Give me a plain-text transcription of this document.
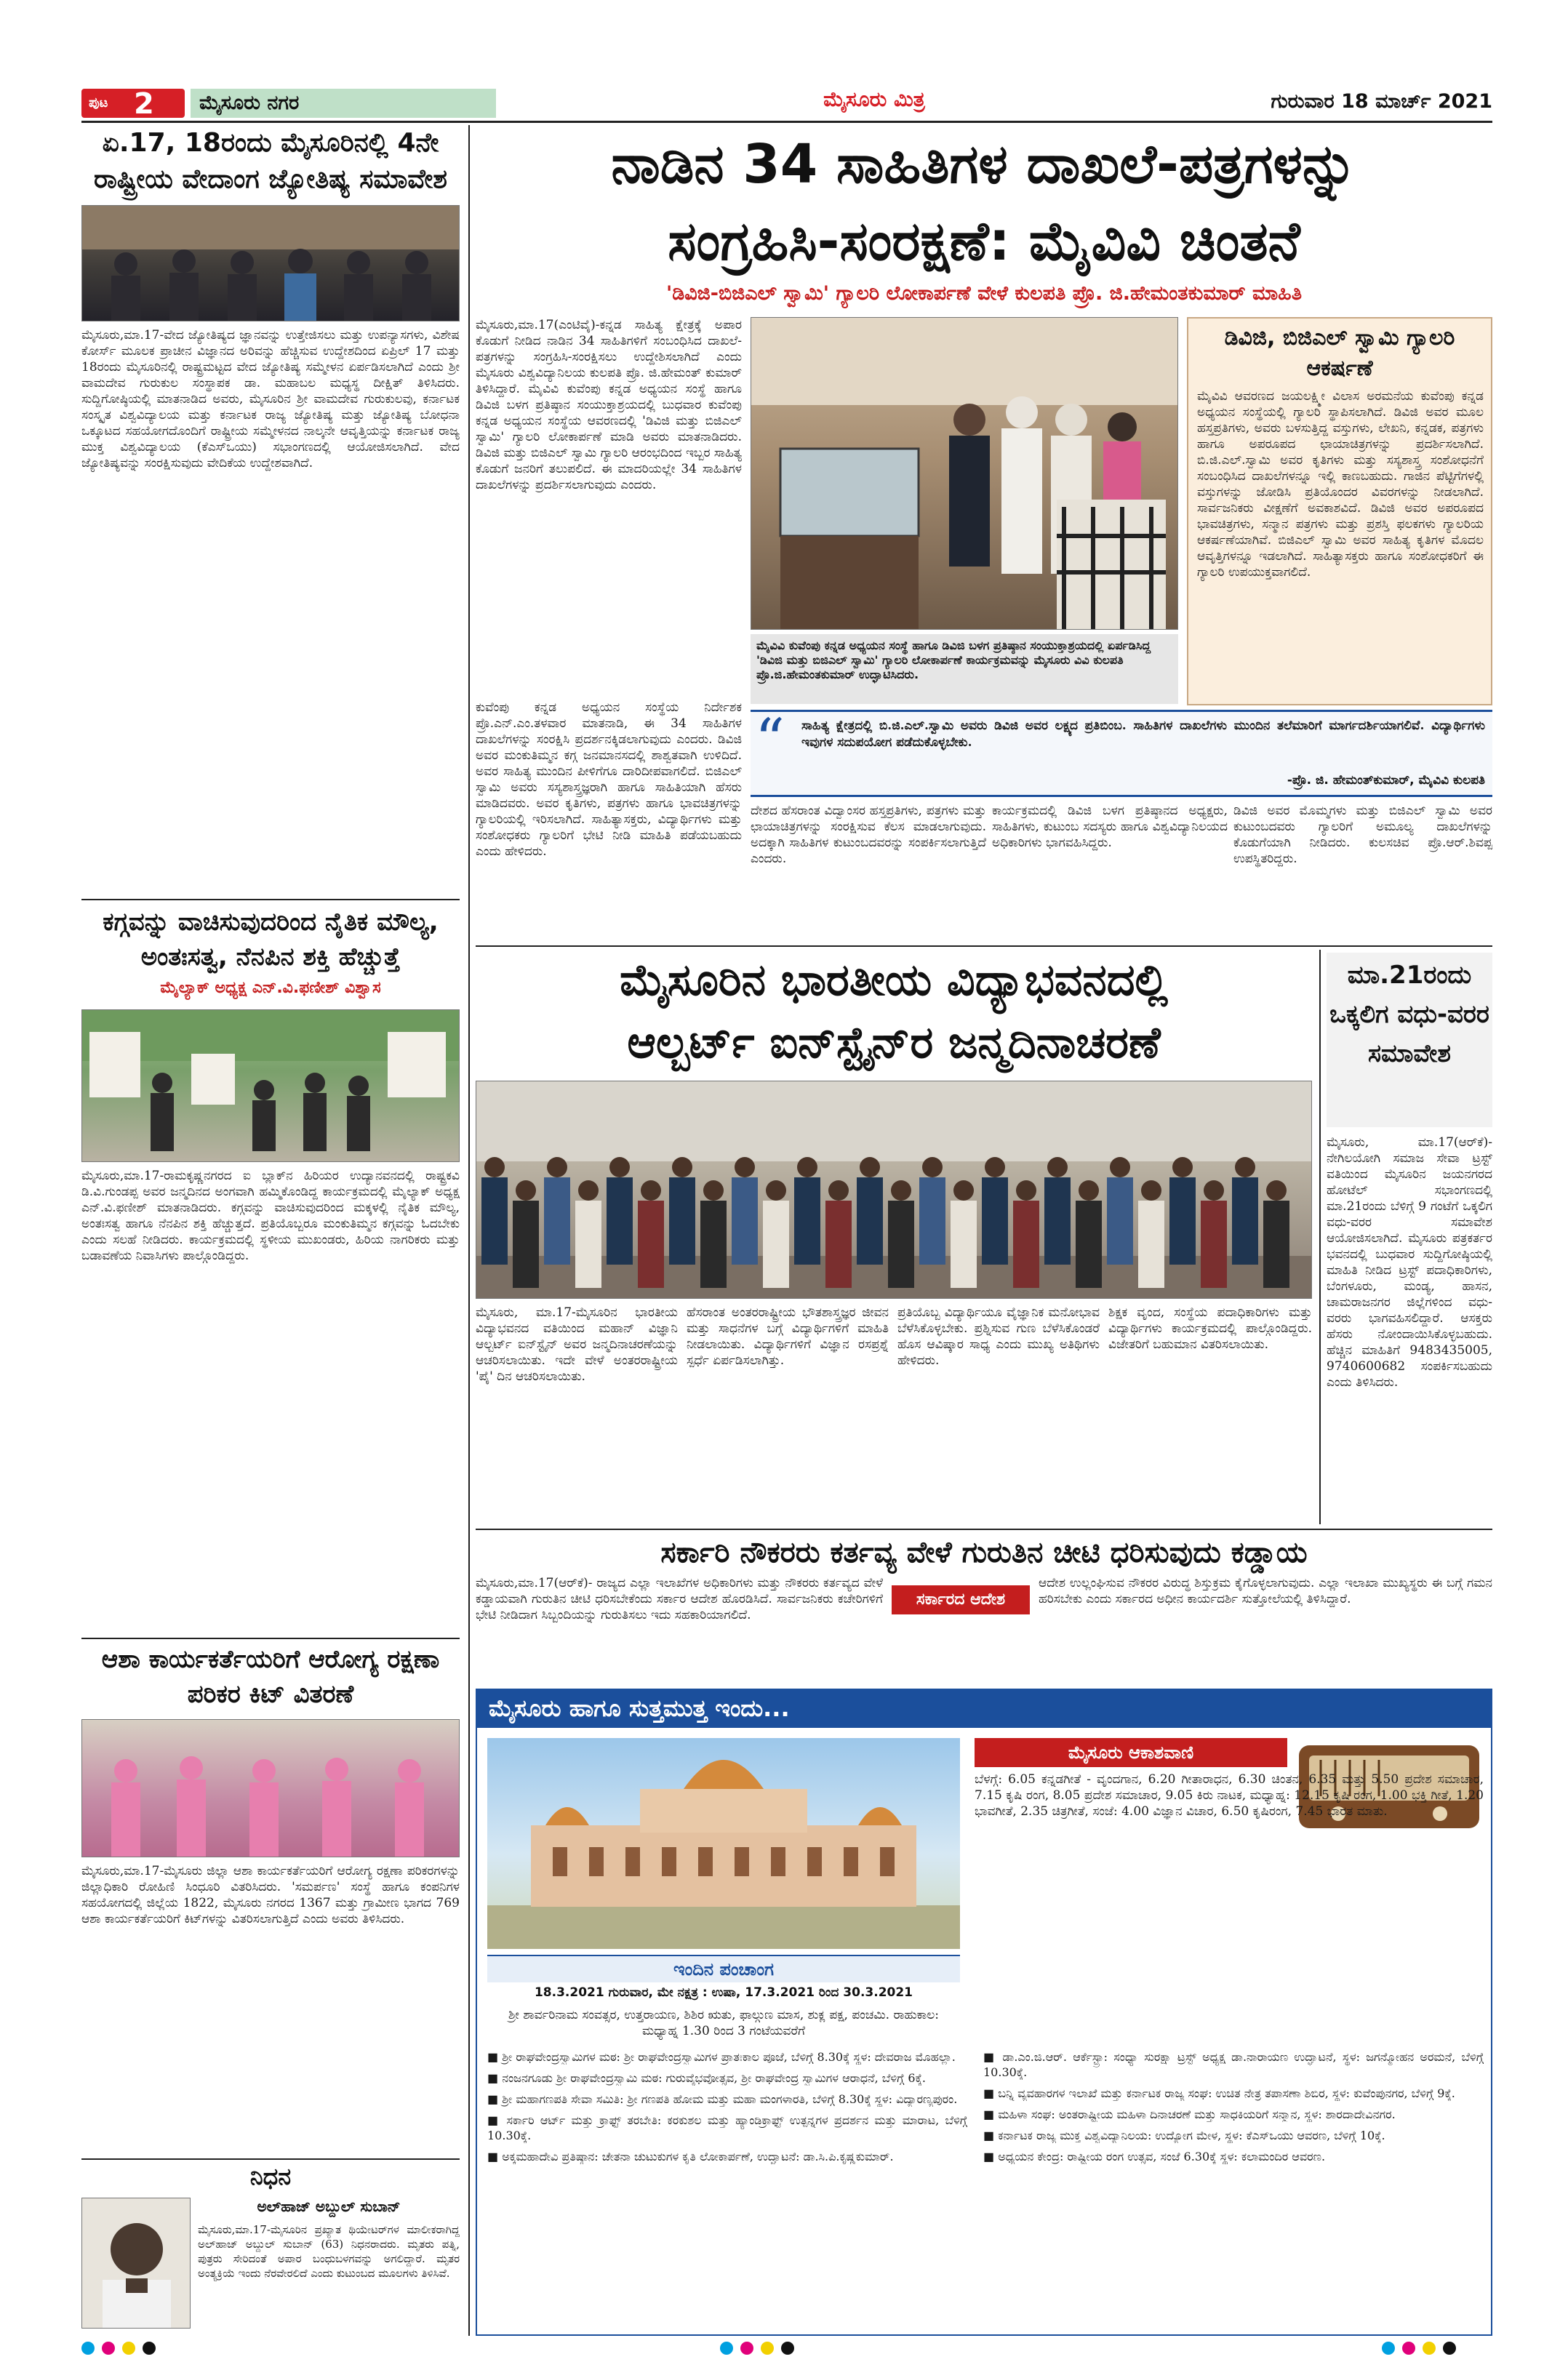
ಪುಟ 2	ಮೈಸೂರು ನಗರ	ಮೈಸೂರು ಮಿತ್ರ	ಗುರುವಾರ 18 ಮಾರ್ಚ್ 2021
ಏ.17, 18ರಂದು ಮೈಸೂರಿನಲ್ಲಿ 4ನೇ ರಾಷ್ಟ್ರೀಯ ವೇದಾಂಗ ಜ್ಯೋತಿಷ್ಯ ಸಮಾವೇಶ

ಮೈಸೂರು,ಮಾ.17-ವೇದ ಜ್ಯೋತಿಷ್ಯದ ಜ್ಞಾನವನ್ನು ಉತ್ತೇಜಿಸಲು ಮತ್ತು ಉಪನ್ಯಾಸಗಳು, ವಿಶೇಷ ಕೋರ್ಸ್ ಮೂಲಕ ಪ್ರಾಚೀನ ವಿಜ್ಞಾನದ ಅರಿವನ್ನು ಹೆಚ್ಚಿಸುವ ಉದ್ದೇಶದಿಂದ ಏಪ್ರಿಲ್ 17 ಮತ್ತು 18ರಂದು ಮೈಸೂರಿನಲ್ಲಿ ರಾಷ್ಟ್ರಮಟ್ಟದ ವೇದ ಜ್ಯೋತಿಷ್ಯ ಸಮ್ಮೇಳನ ಏರ್ಪಡಿಸಲಾಗಿದೆ ಎಂದು ಶ್ರೀ ವಾಮದೇವ ಗುರುಕುಲ ಸಂಸ್ಥಾಪಕ ಡಾ. ಮಹಾಬಲ ಮಧ್ಯಸ್ಥ ದೀಕ್ಷಿತ್ ತಿಳಿಸಿದರು. ಸುದ್ದಿಗೋಷ್ಠಿಯಲ್ಲಿ ಮಾತನಾಡಿದ ಅವರು, ಮೈಸೂರಿನ ಶ್ರೀ ವಾಮದೇವ ಗುರುಕುಲವು, ಕರ್ನಾಟಕ ಸಂಸ್ಕೃತ ವಿಶ್ವವಿದ್ಯಾಲಯ ಮತ್ತು ಕರ್ನಾಟಕ ರಾಜ್ಯ ಜ್ಯೋತಿಷ್ಯ ಮತ್ತು ಜ್ಯೋತಿಷ್ಯ ಬೋಧನಾ ಒಕ್ಕೂಟದ ಸಹಯೋಗದೊಂದಿಗೆ ರಾಷ್ಟ್ರೀಯ ಸಮ್ಮೇಳನದ ನಾಲ್ಕನೇ ಆವೃತ್ತಿಯನ್ನು ಕರ್ನಾಟಕ ರಾಜ್ಯ ಮುಕ್ತ ವಿಶ್ವವಿದ್ಯಾಲಯ (ಕೆಎಸ್‌ಒಯು) ಸಭಾಂಗಣದಲ್ಲಿ ಆಯೋಜಿಸಲಾಗಿದೆ. ವೇದ ಜ್ಯೋತಿಷ್ಯವನ್ನು ಸಂರಕ್ಷಿಸುವುದು ವೇದಿಕೆಯ ಉದ್ದೇಶವಾಗಿದೆ.

ಕಗ್ಗವನ್ನು ವಾಚಿಸುವುದರಿಂದ ನೈತಿಕ ಮೌಲ್ಯ, ಅಂತಃಸತ್ವ, ನೆನಪಿನ ಶಕ್ತಿ ಹೆಚ್ಚುತ್ತೆ
ಮೈಲ್ಯಾಕ್ ಅಧ್ಯಕ್ಷ ಎನ್.ವಿ.ಫಣೀಶ್ ವಿಶ್ವಾಸ

ಮೈಸೂರು,ಮಾ.17-ರಾಮಕೃಷ್ಣನಗರದ ಐ ಬ್ಲಾಕ್‌ನ ಹಿರಿಯರ ಉದ್ಯಾನವನದಲ್ಲಿ ರಾಷ್ಟ್ರಕವಿ ಡಿ.ವಿ.ಗುಂಡಪ್ಪ ಅವರ ಜನ್ಮದಿನದ ಅಂಗವಾಗಿ ಹಮ್ಮಿಕೊಂಡಿದ್ದ ಕಾರ್ಯಕ್ರಮದಲ್ಲಿ ಮೈಲ್ಯಾಕ್ ಅಧ್ಯಕ್ಷ ಎನ್.ವಿ.ಫಣೀಶ್ ಮಾತನಾಡಿದರು. ಕಗ್ಗವನ್ನು ವಾಚಿಸುವುದರಿಂದ ಮಕ್ಕಳಲ್ಲಿ ನೈತಿಕ ಮೌಲ್ಯ, ಅಂತಃಸತ್ವ ಹಾಗೂ ನೆನಪಿನ ಶಕ್ತಿ ಹೆಚ್ಚುತ್ತದೆ. ಪ್ರತಿಯೊಬ್ಬರೂ ಮಂಕುತಿಮ್ಮನ ಕಗ್ಗವನ್ನು ಓದಬೇಕು ಎಂದು ಸಲಹೆ ನೀಡಿದರು. ಕಾರ್ಯಕ್ರಮದಲ್ಲಿ ಸ್ಥಳೀಯ ಮುಖಂಡರು, ಹಿರಿಯ ನಾಗರಿಕರು ಮತ್ತು ಬಡಾವಣೆಯ ನಿವಾಸಿಗಳು ಪಾಲ್ಗೊಂಡಿದ್ದರು.

ಆಶಾ ಕಾರ್ಯಕರ್ತೆಯರಿಗೆ ಆರೋಗ್ಯ ರಕ್ಷಣಾ ಪರಿಕರ ಕಿಟ್ ವಿತರಣೆ

ಮೈಸೂರು,ಮಾ.17-ಮೈಸೂರು ಜಿಲ್ಲಾ ಆಶಾ ಕಾರ್ಯಕರ್ತೆಯರಿಗೆ ಆರೋಗ್ಯ ರಕ್ಷಣಾ ಪರಿಕರಗಳನ್ನು ಜಿಲ್ಲಾಧಿಕಾರಿ ರೋಹಿಣಿ ಸಿಂಧೂರಿ ವಿತರಿಸಿದರು. 'ಸಮರ್ಪಣ' ಸಂಸ್ಥೆ ಹಾಗೂ ಕಂಪನಿಗಳ ಸಹಯೋಗದಲ್ಲಿ ಜಿಲ್ಲೆಯ 1822, ಮೈಸೂರು ನಗರದ 1367 ಮತ್ತು ಗ್ರಾಮೀಣ ಭಾಗದ 769 ಆಶಾ ಕಾರ್ಯಕರ್ತೆಯರಿಗೆ ಕಿಟ್‌ಗಳನ್ನು ವಿತರಿಸಲಾಗುತ್ತಿದೆ ಎಂದು ಅವರು ತಿಳಿಸಿದರು.

ನಿಧನ
ಅಲ್‌ಹಾಜ್ ಅಬ್ದುಲ್ ಸುಬಾನ್

ಮೈಸೂರು,ಮಾ.17-ಮೈಸೂರಿನ ಪ್ರಖ್ಯಾತ ಥಿಯೇಟರ್‌ಗಳ ಮಾಲೀಕರಾಗಿದ್ದ ಅಲ್‌ಹಾಜ್ ಅಬ್ದುಲ್ ಸುಬಾನ್ (63) ನಿಧನರಾದರು. ಮೃತರು ಪತ್ನಿ, ಪುತ್ರರು ಸೇರಿದಂತೆ ಅಪಾರ ಬಂಧುಬಳಗವನ್ನು ಅಗಲಿದ್ದಾರೆ. ಮೃತರ ಅಂತ್ಯಕ್ರಿಯೆ ಇಂದು ನೆರವೇರಲಿದೆ ಎಂದು ಕುಟುಂಬದ ಮೂಲಗಳು ತಿಳಿಸಿವೆ.

ನಾಡಿನ 34 ಸಾಹಿತಿಗಳ ದಾಖಲೆ-ಪತ್ರಗಳನ್ನು
ಸಂಗ್ರಹಿಸಿ-ಸಂರಕ್ಷಣೆ: ಮೈವಿವಿ ಚಿಂತನೆ
'ಡಿವಿಜಿ-ಬಿಜಿಎಲ್ ಸ್ವಾಮಿ' ಗ್ಯಾಲರಿ ಲೋಕಾರ್ಪಣೆ ವೇಳೆ ಕುಲಪತಿ ಪ್ರೊ. ಜಿ.ಹೇಮಂತಕುಮಾರ್ ಮಾಹಿತಿ

ಮೈಸೂರು,ಮಾ.17(ಎಂಟಿವೈ)-ಕನ್ನಡ ಸಾಹಿತ್ಯ ಕ್ಷೇತ್ರಕ್ಕೆ ಅಪಾರ ಕೊಡುಗೆ ನೀಡಿದ ನಾಡಿನ 34 ಸಾಹಿತಿಗಳಿಗೆ ಸಂಬಂಧಿಸಿದ ದಾಖಲೆ-ಪತ್ರಗಳನ್ನು ಸಂಗ್ರಹಿಸಿ-ಸಂರಕ್ಷಿಸಲು ಉದ್ದೇಶಿಸಲಾಗಿದೆ ಎಂದು ಮೈಸೂರು ವಿಶ್ವವಿದ್ಯಾನಿಲಯ ಕುಲಪತಿ ಪ್ರೊ. ಜಿ.ಹೇಮಂತ್ ಕುಮಾರ್ ತಿಳಿಸಿದ್ದಾರೆ. ಮೈವಿವಿ ಕುವೆಂಪು ಕನ್ನಡ ಅಧ್ಯಯನ ಸಂಸ್ಥೆ ಹಾಗೂ ಡಿವಿಜಿ ಬಳಗ ಪ್ರತಿಷ್ಠಾನ ಸಂಯುಕ್ತಾಶ್ರಯದಲ್ಲಿ ಬುಧವಾರ ಕುವೆಂಪು ಕನ್ನಡ ಅಧ್ಯಯನ ಸಂಸ್ಥೆಯ ಆವರಣದಲ್ಲಿ 'ಡಿವಿಜಿ ಮತ್ತು ಬಿಜಿಎಲ್ ಸ್ವಾಮಿ' ಗ್ಯಾಲರಿ ಲೋಕಾರ್ಪಣೆ ಮಾಡಿ ಅವರು ಮಾತನಾಡಿದರು. ಡಿವಿಜಿ ಮತ್ತು ಬಿಜಿಎಲ್ ಸ್ವಾಮಿ ಗ್ಯಾಲರಿ ಆರಂಭದಿಂದ ಇಬ್ಬರ ಸಾಹಿತ್ಯ ಕೊಡುಗೆ ಜನರಿಗೆ ತಲುಪಲಿದೆ. ಈ ಮಾದರಿಯಲ್ಲೇ 34 ಸಾಹಿತಿಗಳ ದಾಖಲೆಗಳನ್ನು ಪ್ರದರ್ಶಿಸಲಾಗುವುದು ಎಂದರು.

ಕುವೆಂಪು ಕನ್ನಡ ಅಧ್ಯಯನ ಸಂಸ್ಥೆಯ ನಿರ್ದೇಶಕ ಪ್ರೊ.ಎನ್.ಎಂ.ತಳವಾರ ಮಾತನಾಡಿ, ಈ 34 ಸಾಹಿತಿಗಳ ದಾಖಲೆಗಳನ್ನು ಸಂರಕ್ಷಿಸಿ ಪ್ರದರ್ಶನಕ್ಕಿಡಲಾಗುವುದು ಎಂದರು. ಡಿವಿಜಿ ಅವರ ಮಂಕುತಿಮ್ಮನ ಕಗ್ಗ ಜನಮಾನಸದಲ್ಲಿ ಶಾಶ್ವತವಾಗಿ ಉಳಿದಿದೆ. ಅವರ ಸಾಹಿತ್ಯ ಮುಂದಿನ ಪೀಳಿಗೆಗೂ ದಾರಿದೀಪವಾಗಲಿದೆ. ಬಿಜಿಎಲ್ ಸ್ವಾಮಿ ಅವರು ಸಸ್ಯಶಾಸ್ತ್ರಜ್ಞರಾಗಿ ಹಾಗೂ ಸಾಹಿತಿಯಾಗಿ ಹೆಸರು ಮಾಡಿದವರು. ಅವರ ಕೃತಿಗಳು, ಪತ್ರಗಳು ಹಾಗೂ ಭಾವಚಿತ್ರಗಳನ್ನು ಗ್ಯಾಲರಿಯಲ್ಲಿ ಇರಿಸಲಾಗಿದೆ. ಸಾಹಿತ್ಯಾಸಕ್ತರು, ವಿದ್ಯಾರ್ಥಿಗಳು ಮತ್ತು ಸಂಶೋಧಕರು ಗ್ಯಾಲರಿಗೆ ಭೇಟಿ ನೀಡಿ ಮಾಹಿತಿ ಪಡೆಯಬಹುದು ಎಂದು ಹೇಳಿದರು.

ಮೈವಿವಿ ಕುವೆಂಪು ಕನ್ನಡ ಅಧ್ಯಯನ ಸಂಸ್ಥೆ ಹಾಗೂ ಡಿವಿಜಿ ಬಳಗ ಪ್ರತಿಷ್ಠಾನ ಸಂಯುಕ್ತಾಶ್ರಯದಲ್ಲಿ ಏರ್ಪಡಿಸಿದ್ದ 'ಡಿವಿಜಿ ಮತ್ತು ಬಿಜಿಎಲ್ ಸ್ವಾಮಿ' ಗ್ಯಾಲರಿ ಲೋಕಾರ್ಪಣೆ ಕಾರ್ಯಕ್ರಮವನ್ನು ಮೈಸೂರು ವಿವಿ ಕುಲಪತಿ ಪ್ರೊ.ಜಿ.ಹೇಮಂತಕುಮಾರ್ ಉದ್ಘಾಟಿಸಿದರು.

“	ಸಾಹಿತ್ಯ ಕ್ಷೇತ್ರದಲ್ಲಿ ಬಿ.ಜಿ.ಎಲ್.ಸ್ವಾಮಿ ಅವರು ಡಿವಿಜಿ ಅವರ ಲಕ್ಷ್ಯದ ಪ್ರತಿಬಿಂಬ. ಸಾಹಿತಿಗಳ ದಾಖಲೆಗಳು ಮುಂದಿನ ತಲೆಮಾರಿಗೆ ಮಾರ್ಗದರ್ಶಿಯಾಗಲಿವೆ. ವಿದ್ಯಾರ್ಥಿಗಳು ಇವುಗಳ ಸದುಪಯೋಗ ಪಡೆದುಕೊಳ್ಳಬೇಕು.

-ಪ್ರೊ. ಜಿ. ಹೇಮಂತ್‌ಕುಮಾರ್, ಮೈವಿವಿ ಕುಲಪತಿ

ದೇಶದ ಹೆಸರಾಂತ ವಿದ್ವಾಂಸರ ಹಸ್ತಪ್ರತಿಗಳು, ಪತ್ರಗಳು ಮತ್ತು ಛಾಯಾಚಿತ್ರಗಳನ್ನು ಸಂರಕ್ಷಿಸುವ ಕೆಲಸ ಮಾಡಲಾಗುವುದು. ಅದಕ್ಕಾಗಿ ಸಾಹಿತಿಗಳ ಕುಟುಂಬದವರನ್ನು ಸಂಪರ್ಕಿಸಲಾಗುತ್ತಿದೆ ಎಂದರು.

ಕಾರ್ಯಕ್ರಮದಲ್ಲಿ ಡಿವಿಜಿ ಬಳಗ ಪ್ರತಿಷ್ಠಾನದ ಅಧ್ಯಕ್ಷರು, ಸಾಹಿತಿಗಳು, ಕುಟುಂಬ ಸದಸ್ಯರು ಹಾಗೂ ವಿಶ್ವವಿದ್ಯಾನಿಲಯದ ಅಧಿಕಾರಿಗಳು ಭಾಗವಹಿಸಿದ್ದರು.

ಡಿವಿಜಿ ಅವರ ಮೊಮ್ಮಗಳು ಮತ್ತು ಬಿಜಿಎಲ್ ಸ್ವಾಮಿ ಅವರ ಕುಟುಂಬದವರು ಗ್ಯಾಲರಿಗೆ ಅಮೂಲ್ಯ ದಾಖಲೆಗಳನ್ನು ಕೊಡುಗೆಯಾಗಿ ನೀಡಿದರು. ಕುಲಸಚಿವ ಪ್ರೊ.ಆರ್.ಶಿವಪ್ಪ ಉಪಸ್ಥಿತರಿದ್ದರು.

ಡಿವಿಜಿ, ಬಿಜಿಎಲ್ ಸ್ವಾಮಿ ಗ್ಯಾಲರಿ ಆಕರ್ಷಣೆ

ಮೈವಿವಿ ಆವರಣದ ಜಯಲಕ್ಷ್ಮೀ ವಿಲಾಸ ಅರಮನೆಯ ಕುವೆಂಪು ಕನ್ನಡ ಅಧ್ಯಯನ ಸಂಸ್ಥೆಯಲ್ಲಿ ಗ್ಯಾಲರಿ ಸ್ಥಾಪಿಸಲಾಗಿದೆ. ಡಿವಿಜಿ ಅವರ ಮೂಲ ಹಸ್ತಪ್ರತಿಗಳು, ಅವರು ಬಳಸುತ್ತಿದ್ದ ವಸ್ತುಗಳು, ಲೇಖನಿ, ಕನ್ನಡಕ, ಪತ್ರಗಳು ಹಾಗೂ ಅಪರೂಪದ ಛಾಯಾಚಿತ್ರಗಳನ್ನು ಪ್ರದರ್ಶಿಸಲಾಗಿದೆ. ಬಿ.ಜಿ.ಎಲ್.ಸ್ವಾಮಿ ಅವರ ಕೃತಿಗಳು ಮತ್ತು ಸಸ್ಯಶಾಸ್ತ್ರ ಸಂಶೋಧನೆಗೆ ಸಂಬಂಧಿಸಿದ ದಾಖಲೆಗಳನ್ನೂ ಇಲ್ಲಿ ಕಾಣಬಹುದು. ಗಾಜಿನ ಪೆಟ್ಟಿಗೆಗಳಲ್ಲಿ ವಸ್ತುಗಳನ್ನು ಜೋಡಿಸಿ ಪ್ರತಿಯೊಂದರ ವಿವರಗಳನ್ನು ನೀಡಲಾಗಿದೆ. ಸಾರ್ವಜನಿಕರು ವೀಕ್ಷಣೆಗೆ ಅವಕಾಶವಿದೆ. ಡಿವಿಜಿ ಅವರ ಅಪರೂಪದ ಭಾವಚಿತ್ರಗಳು, ಸನ್ಮಾನ ಪತ್ರಗಳು ಮತ್ತು ಪ್ರಶಸ್ತಿ ಫಲಕಗಳು ಗ್ಯಾಲರಿಯ ಆಕರ್ಷಣೆಯಾಗಿವೆ. ಬಿಜಿಎಲ್ ಸ್ವಾಮಿ ಅವರ ಸಾಹಿತ್ಯ ಕೃತಿಗಳ ಮೊದಲ ಆವೃತ್ತಿಗಳನ್ನೂ ಇಡಲಾಗಿದೆ. ಸಾಹಿತ್ಯಾಸಕ್ತರು ಹಾಗೂ ಸಂಶೋಧಕರಿಗೆ ಈ ಗ್ಯಾಲರಿ ಉಪಯುಕ್ತವಾಗಲಿದೆ.

ಮೈಸೂರಿನ ಭಾರತೀಯ ವಿದ್ಯಾಭವನದಲ್ಲಿ
ಆಲ್ಬರ್ಟ್ ಐನ್‌ಸ್ಟೈನ್‌ರ ಜನ್ಮದಿನಾಚರಣೆ

ಮೈಸೂರು, ಮಾ.17-ಮೈಸೂರಿನ ಭಾರತೀಯ ವಿದ್ಯಾಭವನದ ವತಿಯಿಂದ ಮಹಾನ್ ವಿಜ್ಞಾನಿ ಆಲ್ಬರ್ಟ್ ಐನ್‌ಸ್ಟೈನ್ ಅವರ ಜನ್ಮದಿನಾಚರಣೆಯನ್ನು ಆಚರಿಸಲಾಯಿತು. ಇದೇ ವೇಳೆ ಅಂತರರಾಷ್ಟ್ರೀಯ 'ಪೈ' ದಿನ ಆಚರಿಸಲಾಯಿತು.

ಹೆಸರಾಂತ ಅಂತರರಾಷ್ಟ್ರೀಯ ಭೌತಶಾಸ್ತ್ರಜ್ಞರ ಜೀವನ ಮತ್ತು ಸಾಧನೆಗಳ ಬಗ್ಗೆ ವಿದ್ಯಾರ್ಥಿಗಳಿಗೆ ಮಾಹಿತಿ ನೀಡಲಾಯಿತು. ವಿದ್ಯಾರ್ಥಿಗಳಿಗೆ ವಿಜ್ಞಾನ ರಸಪ್ರಶ್ನೆ ಸ್ಪರ್ಧೆ ಏರ್ಪಡಿಸಲಾಗಿತ್ತು.

ಪ್ರತಿಯೊಬ್ಬ ವಿದ್ಯಾರ್ಥಿಯೂ ವೈಜ್ಞಾನಿಕ ಮನೋಭಾವ ಬೆಳೆಸಿಕೊಳ್ಳಬೇಕು. ಪ್ರಶ್ನಿಸುವ ಗುಣ ಬೆಳೆಸಿಕೊಂಡರೆ ಹೊಸ ಆವಿಷ್ಕಾರ ಸಾಧ್ಯ ಎಂದು ಮುಖ್ಯ ಅತಿಥಿಗಳು ಹೇಳಿದರು.

ಶಿಕ್ಷಕ ವೃಂದ, ಸಂಸ್ಥೆಯ ಪದಾಧಿಕಾರಿಗಳು ಮತ್ತು ವಿದ್ಯಾರ್ಥಿಗಳು ಕಾರ್ಯಕ್ರಮದಲ್ಲಿ ಪಾಲ್ಗೊಂಡಿದ್ದರು. ವಿಜೇತರಿಗೆ ಬಹುಮಾನ ವಿತರಿಸಲಾಯಿತು.

ಮಾ.21ರಂದು ಒಕ್ಕಲಿಗ ವಧು-ವರರ ಸಮಾವೇಶ

ಮೈಸೂರು, ಮಾ.17(ಆರ್‌ಕೆ)- ನೇಗಿಲಯೋಗಿ ಸಮಾಜ ಸೇವಾ ಟ್ರಸ್ಟ್ ವತಿಯಿಂದ ಮೈಸೂರಿನ ಜಯನಗರದ ಹೋಟೆಲ್ ಸಭಾಂಗಣದಲ್ಲಿ ಮಾ.21ರಂದು ಬೆಳಿಗ್ಗೆ 9 ಗಂಟೆಗೆ ಒಕ್ಕಲಿಗ ವಧು-ವರರ ಸಮಾವೇಶ ಆಯೋಜಿಸಲಾಗಿದೆ. ಮೈಸೂರು ಪತ್ರಕರ್ತರ ಭವನದಲ್ಲಿ ಬುಧವಾರ ಸುದ್ದಿಗೋಷ್ಠಿಯಲ್ಲಿ ಮಾಹಿತಿ ನೀಡಿದ ಟ್ರಸ್ಟ್ ಪದಾಧಿಕಾರಿಗಳು, ಬೆಂಗಳೂರು, ಮಂಡ್ಯ, ಹಾಸನ, ಚಾಮರಾಜನಗರ ಜಿಲ್ಲೆಗಳಿಂದ ವಧು-ವರರು ಭಾಗವಹಿಸಲಿದ್ದಾರೆ. ಆಸಕ್ತರು ಹೆಸರು ನೋಂದಾಯಿಸಿಕೊಳ್ಳಬಹುದು. ಹೆಚ್ಚಿನ ಮಾಹಿತಿಗೆ 9483435005, 9740600682 ಸಂಪರ್ಕಿಸಬಹುದು ಎಂದು ತಿಳಿಸಿದರು.

ಸರ್ಕಾರಿ ನೌಕರರು ಕರ್ತವ್ಯ ವೇಳೆ ಗುರುತಿನ ಚೀಟಿ ಧರಿಸುವುದು ಕಡ್ಡಾಯ

ಮೈಸೂರು,ಮಾ.17(ಆರ್‌ಕೆ)- ರಾಜ್ಯದ ಎಲ್ಲಾ ಇಲಾಖೆಗಳ ಅಧಿಕಾರಿಗಳು ಮತ್ತು ನೌಕರರು ಕರ್ತವ್ಯದ ವೇಳೆ ಕಡ್ಡಾಯವಾಗಿ ಗುರುತಿನ ಚೀಟಿ ಧರಿಸಬೇಕೆಂದು ಸರ್ಕಾರ ಆದೇಶ ಹೊರಡಿಸಿದೆ. ಸಾರ್ವಜನಿಕರು ಕಚೇರಿಗಳಿಗೆ ಭೇಟಿ ನೀಡಿದಾಗ ಸಿಬ್ಬಂದಿಯನ್ನು ಗುರುತಿಸಲು ಇದು ಸಹಕಾರಿಯಾಗಲಿದೆ.

ಸರ್ಕಾರದ ಆದೇಶ

ಆದೇಶ ಉಲ್ಲಂಘಿಸುವ ನೌಕರರ ವಿರುದ್ಧ ಶಿಸ್ತುಕ್ರಮ ಕೈಗೊಳ್ಳಲಾಗುವುದು. ಎಲ್ಲಾ ಇಲಾಖಾ ಮುಖ್ಯಸ್ಥರು ಈ ಬಗ್ಗೆ ಗಮನ ಹರಿಸಬೇಕು ಎಂದು ಸರ್ಕಾರದ ಅಧೀನ ಕಾರ್ಯದರ್ಶಿ ಸುತ್ತೋಲೆಯಲ್ಲಿ ತಿಳಿಸಿದ್ದಾರೆ.

ಮೈಸೂರು ಹಾಗೂ ಸುತ್ತಮುತ್ತ ಇಂದು...
ಇಂದಿನ ಪಂಚಾಂಗ
18.3.2021 ಗುರುವಾರ, ಮೇ ನಕ್ಷತ್ರ : ಉಷಾ, 17.3.2021 ರಿಂದ 30.3.2021

ಶ್ರೀ ಶಾರ್ವರಿನಾಮ ಸಂವತ್ಸರ, ಉತ್ತರಾಯಣ, ಶಿಶಿರ ಋತು, ಫಾಲ್ಗುಣ ಮಾಸ, ಶುಕ್ಲ ಪಕ್ಷ, ಪಂಚಮಿ. ರಾಹುಕಾಲ: ಮಧ್ಯಾಹ್ನ 1.30 ರಿಂದ 3 ಗಂಟೆಯವರೆಗೆ

ಮೈಸೂರು ಆಕಾಶವಾಣಿ

ಬೆಳಗ್ಗೆ: 6.05 ಕನ್ನಡಗೀತೆ - ವೃಂದಗಾನ, 6.20 ಗೀತಾರಾಧನ, 6.30 ಚಿಂತನ, 6.35 ಮತ್ತು 5.50 ಪ್ರದೇಶ ಸಮಾಚಾರ, 7.15 ಕೃಷಿ ರಂಗ, 8.05 ಪ್ರದೇಶ ಸಮಾಚಾರ, 9.05 ಕಿರು ನಾಟಕ, ಮಧ್ಯಾಹ್ನ: 12.15 ಕೃಷಿ ರಂಗ, 1.00 ಭಕ್ತಿ ಗೀತೆ, 1.20 ಭಾವಗೀತೆ, 2.35 ಚಿತ್ರಗೀತೆ, ಸಂಜೆ: 4.00 ವಿಜ್ಞಾನ ವಿಚಾರ, 6.50 ಕೃಷಿರಂಗ, 7.45 ಭಾರತ ಮಾತು.

■ ಶ್ರೀ ರಾಘವೇಂದ್ರಸ್ವಾಮಿಗಳ ಮಠ: ಶ್ರೀ ರಾಘವೇಂದ್ರಸ್ವಾಮಿಗಳ ಪ್ರಾತಃಕಾಲ ಪೂಜೆ, ಬೆಳಿಗ್ಗೆ 8.30ಕ್ಕೆ ಸ್ಥಳ: ದೇವರಾಜ ಮೊಹಲ್ಲಾ.

■ ನಂಜನಗೂಡು ಶ್ರೀ ರಾಘವೇಂದ್ರಸ್ವಾಮಿ ಮಠ: ಗುರುವೈಭವೋತ್ಸವ, ಶ್ರೀ ರಾಘವೇಂದ್ರ ಸ್ವಾಮಿಗಳ ಆರಾಧನೆ, ಬೆಳಿಗ್ಗೆ 6ಕ್ಕೆ.

■ ಶ್ರೀ ಮಹಾಗಣಪತಿ ಸೇವಾ ಸಮಿತಿ: ಶ್ರೀ ಗಣಪತಿ ಹೋಮ ಮತ್ತು ಮಹಾ ಮಂಗಳಾರತಿ, ಬೆಳಿಗ್ಗೆ 8.30ಕ್ಕೆ ಸ್ಥಳ: ವಿದ್ಯಾರಣ್ಯಪುರಂ.

■ ಸರ್ಕಾರಿ ಆರ್ಟ್ ಮತ್ತು ಕ್ರಾಫ್ಟ್ ತರಬೇತಿ: ಕರಕುಶಲ ಮತ್ತು ಹ್ಯಾಂಡಿಕ್ರಾಫ್ಟ್ ಉತ್ಪನ್ನಗಳ ಪ್ರದರ್ಶನ ಮತ್ತು ಮಾರಾಟ, ಬೆಳಿಗ್ಗೆ 10.30ಕ್ಕೆ.

■ ಅಕ್ಕಮಹಾದೇವಿ ಪ್ರತಿಷ್ಠಾನ: ಚೇತನಾ ಚುಟುಕುಗಳ ಕೃತಿ ಲೋಕಾರ್ಪಣೆ, ಉದ್ಘಾಟನೆ: ಡಾ.ಸಿ.ಪಿ.ಕೃಷ್ಣಕುಮಾರ್.

■ ಡಾ.ಎಂ.ಜಿ.ಆರ್. ಆರ್ಕೆಸ್ಟ್ರಾ: ಸಂಧ್ಯಾ ಸುರಕ್ಷಾ ಟ್ರಸ್ಟ್ ಅಧ್ಯಕ್ಷ ಡಾ.ನಾರಾಯಣ ಉದ್ಘಾಟನೆ, ಸ್ಥಳ: ಜಗನ್ಮೋಹನ ಅರಮನೆ, ಬೆಳಿಗ್ಗೆ 10.30ಕ್ಕೆ.

■ ಬನ್ನಿ ವ್ಯವಹಾರಗಳ ಇಲಾಖೆ ಮತ್ತು ಕರ್ನಾಟಕ ರಾಜ್ಯ ಸಂಘ: ಉಚಿತ ನೇತ್ರ ತಪಾಸಣಾ ಶಿಬಿರ, ಸ್ಥಳ: ಕುವೆಂಪುನಗರ, ಬೆಳಿಗ್ಗೆ 9ಕ್ಕೆ.

■ ಮಹಿಳಾ ಸಂಘ: ಅಂತರಾಷ್ಟ್ರೀಯ ಮಹಿಳಾ ದಿನಾಚರಣೆ ಮತ್ತು ಸಾಧಕಿಯರಿಗೆ ಸನ್ಮಾನ, ಸ್ಥಳ: ಶಾರದಾದೇವಿನಗರ.

■ ಕರ್ನಾಟಕ ರಾಜ್ಯ ಮುಕ್ತ ವಿಶ್ವವಿದ್ಯಾನಿಲಯ: ಉದ್ಯೋಗ ಮೇಳ, ಸ್ಥಳ: ಕೆಎಸ್‌ಒಯು ಆವರಣ, ಬೆಳಿಗ್ಗೆ 10ಕ್ಕೆ.

■ ಅಧ್ಯಯನ ಕೇಂದ್ರ: ರಾಷ್ಟ್ರೀಯ ರಂಗ ಉತ್ಸವ, ಸಂಜೆ 6.30ಕ್ಕೆ ಸ್ಥಳ: ಕಲಾಮಂದಿರ ಆವರಣ.
